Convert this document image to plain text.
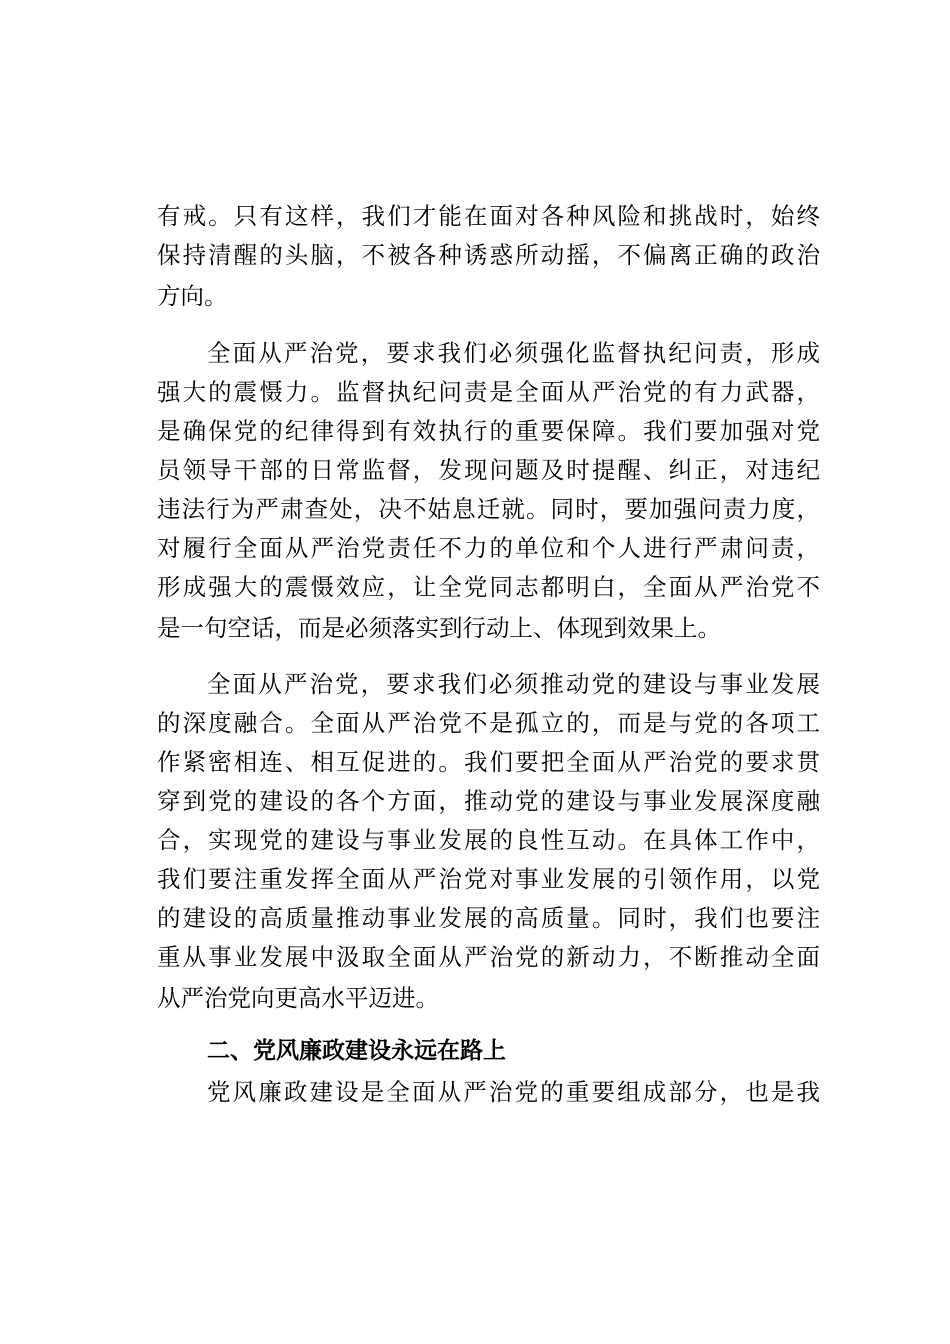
有戒。只有这样，我们才能在面对各种风险和挑战时，始终
保持清醒的头脑，不被各种诱惑所动摇，不偏离正确的政治
方向。
全面从严治党，要求我们必须强化监督执纪问责，形成
强大的震慑力。监督执纪问责是全面从严治党的有力武器，
是确保党的纪律得到有效执行的重要保障。我们要加强对党
员领导干部的日常监督，发现问题及时提醒、纠正，对违纪
违法行为严肃查处，决不姑息迁就。同时，要加强问责力度，
对履行全面从严治党责任不力的单位和个人进行严肃问责，
形成强大的震慑效应，让全党同志都明白，全面从严治党不
是一句空话，而是必须落实到行动上、体现到效果上。
全面从严治党，要求我们必须推动党的建设与事业发展
的深度融合。全面从严治党不是孤立的，而是与党的各项工
作紧密相连、相互促进的。我们要把全面从严治党的要求贯
穿到党的建设的各个方面，推动党的建设与事业发展深度融
合，实现党的建设与事业发展的良性互动。在具体工作中，
我们要注重发挥全面从严治党对事业发展的引领作用，以党
的建设的高质量推动事业发展的高质量。同时，我们也要注
重从事业发展中汲取全面从严治党的新动力，不断推动全面
从严治党向更高水平迈进。
二、党风廉政建设永远在路上
党风廉政建设是全面从严治党的重要组成部分，也是我
